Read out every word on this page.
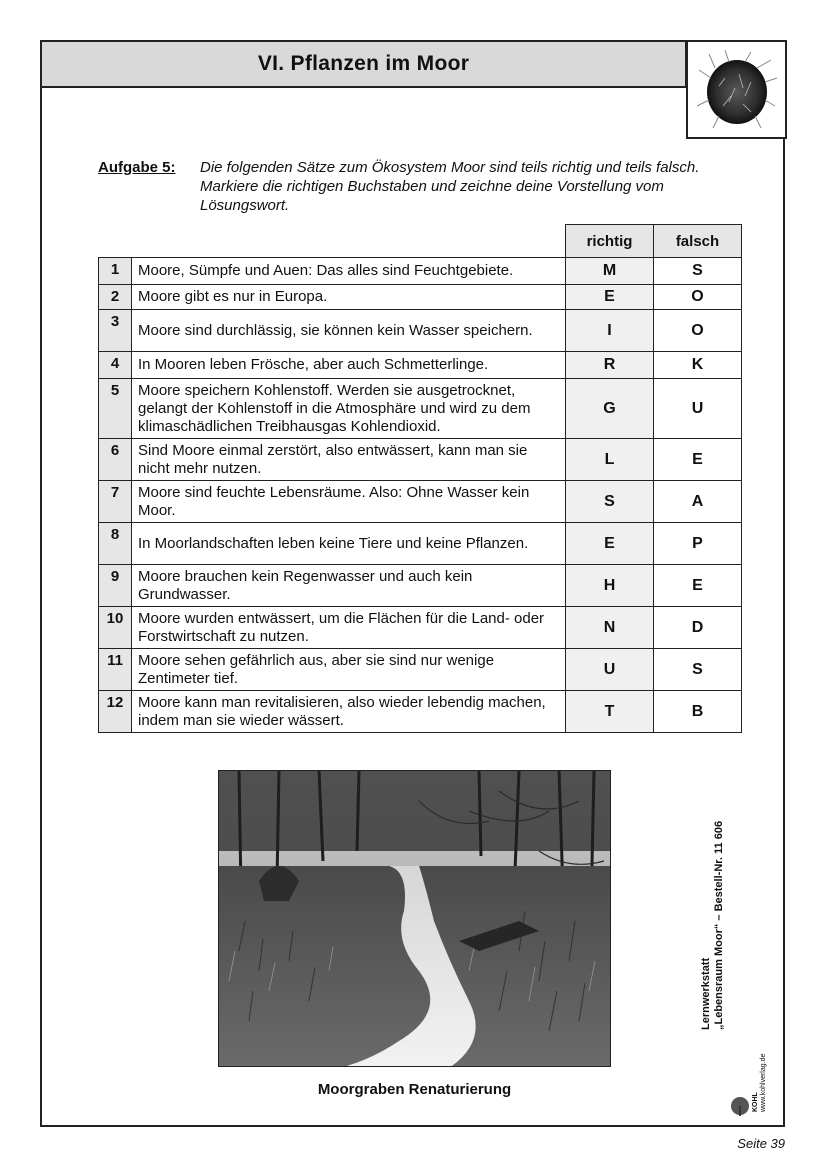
VI. Pflanzen im Moor
Aufgabe 5:	Die folgenden Sätze zum Ökosystem Moor sind teils richtig und teils falsch. Markiere die richtigen Buchstaben und zeichne deine Vorstellung vom Lösungswort.
		richtig	falsch
1	Moore, Sümpfe und Auen: Das alles sind Feuchtgebiete.	M	S
2	Moore gibt es nur in Europa.	E	O
3	Moore sind durchlässig, sie können kein Wasser speichern.	I	O
4	In Mooren leben Frösche, aber auch Schmetterlinge.	R	K
5	Moore speichern Kohlenstoff. Werden sie ausgetrocknet, gelangt der Kohlenstoff in die Atmosphäre und wird zu dem klimaschädlichen Treibhausgas Kohlendioxid.	G	U
6	Sind Moore einmal zerstört, also entwässert, kann man sie nicht mehr nutzen.	L	E
7	Moore sind feuchte Lebensräume. Also: Ohne Wasser kein Moor.	S	A
8	In Moorlandschaften leben keine Tiere und keine Pflanzen.	E	P
9	Moore brauchen kein Regenwasser und auch kein Grundwasser.	H	E
10	Moore wurden entwässert, um die Flächen für die Land- oder Forstwirtschaft zu nutzen.	N	D
11	Moore sehen gefährlich aus, aber sie sind nur wenige Zentimeter tief.	U	S
12	Moore kann man revitalisieren, also wieder lebendig machen, indem man sie wieder wässert.	T	B
Moorgraben Renaturierung
Lernwerkstatt „Lebensraum Moor“ – Bestell-Nr. 11 606
KOHL
www.kohlverlag.de
Seite 39
